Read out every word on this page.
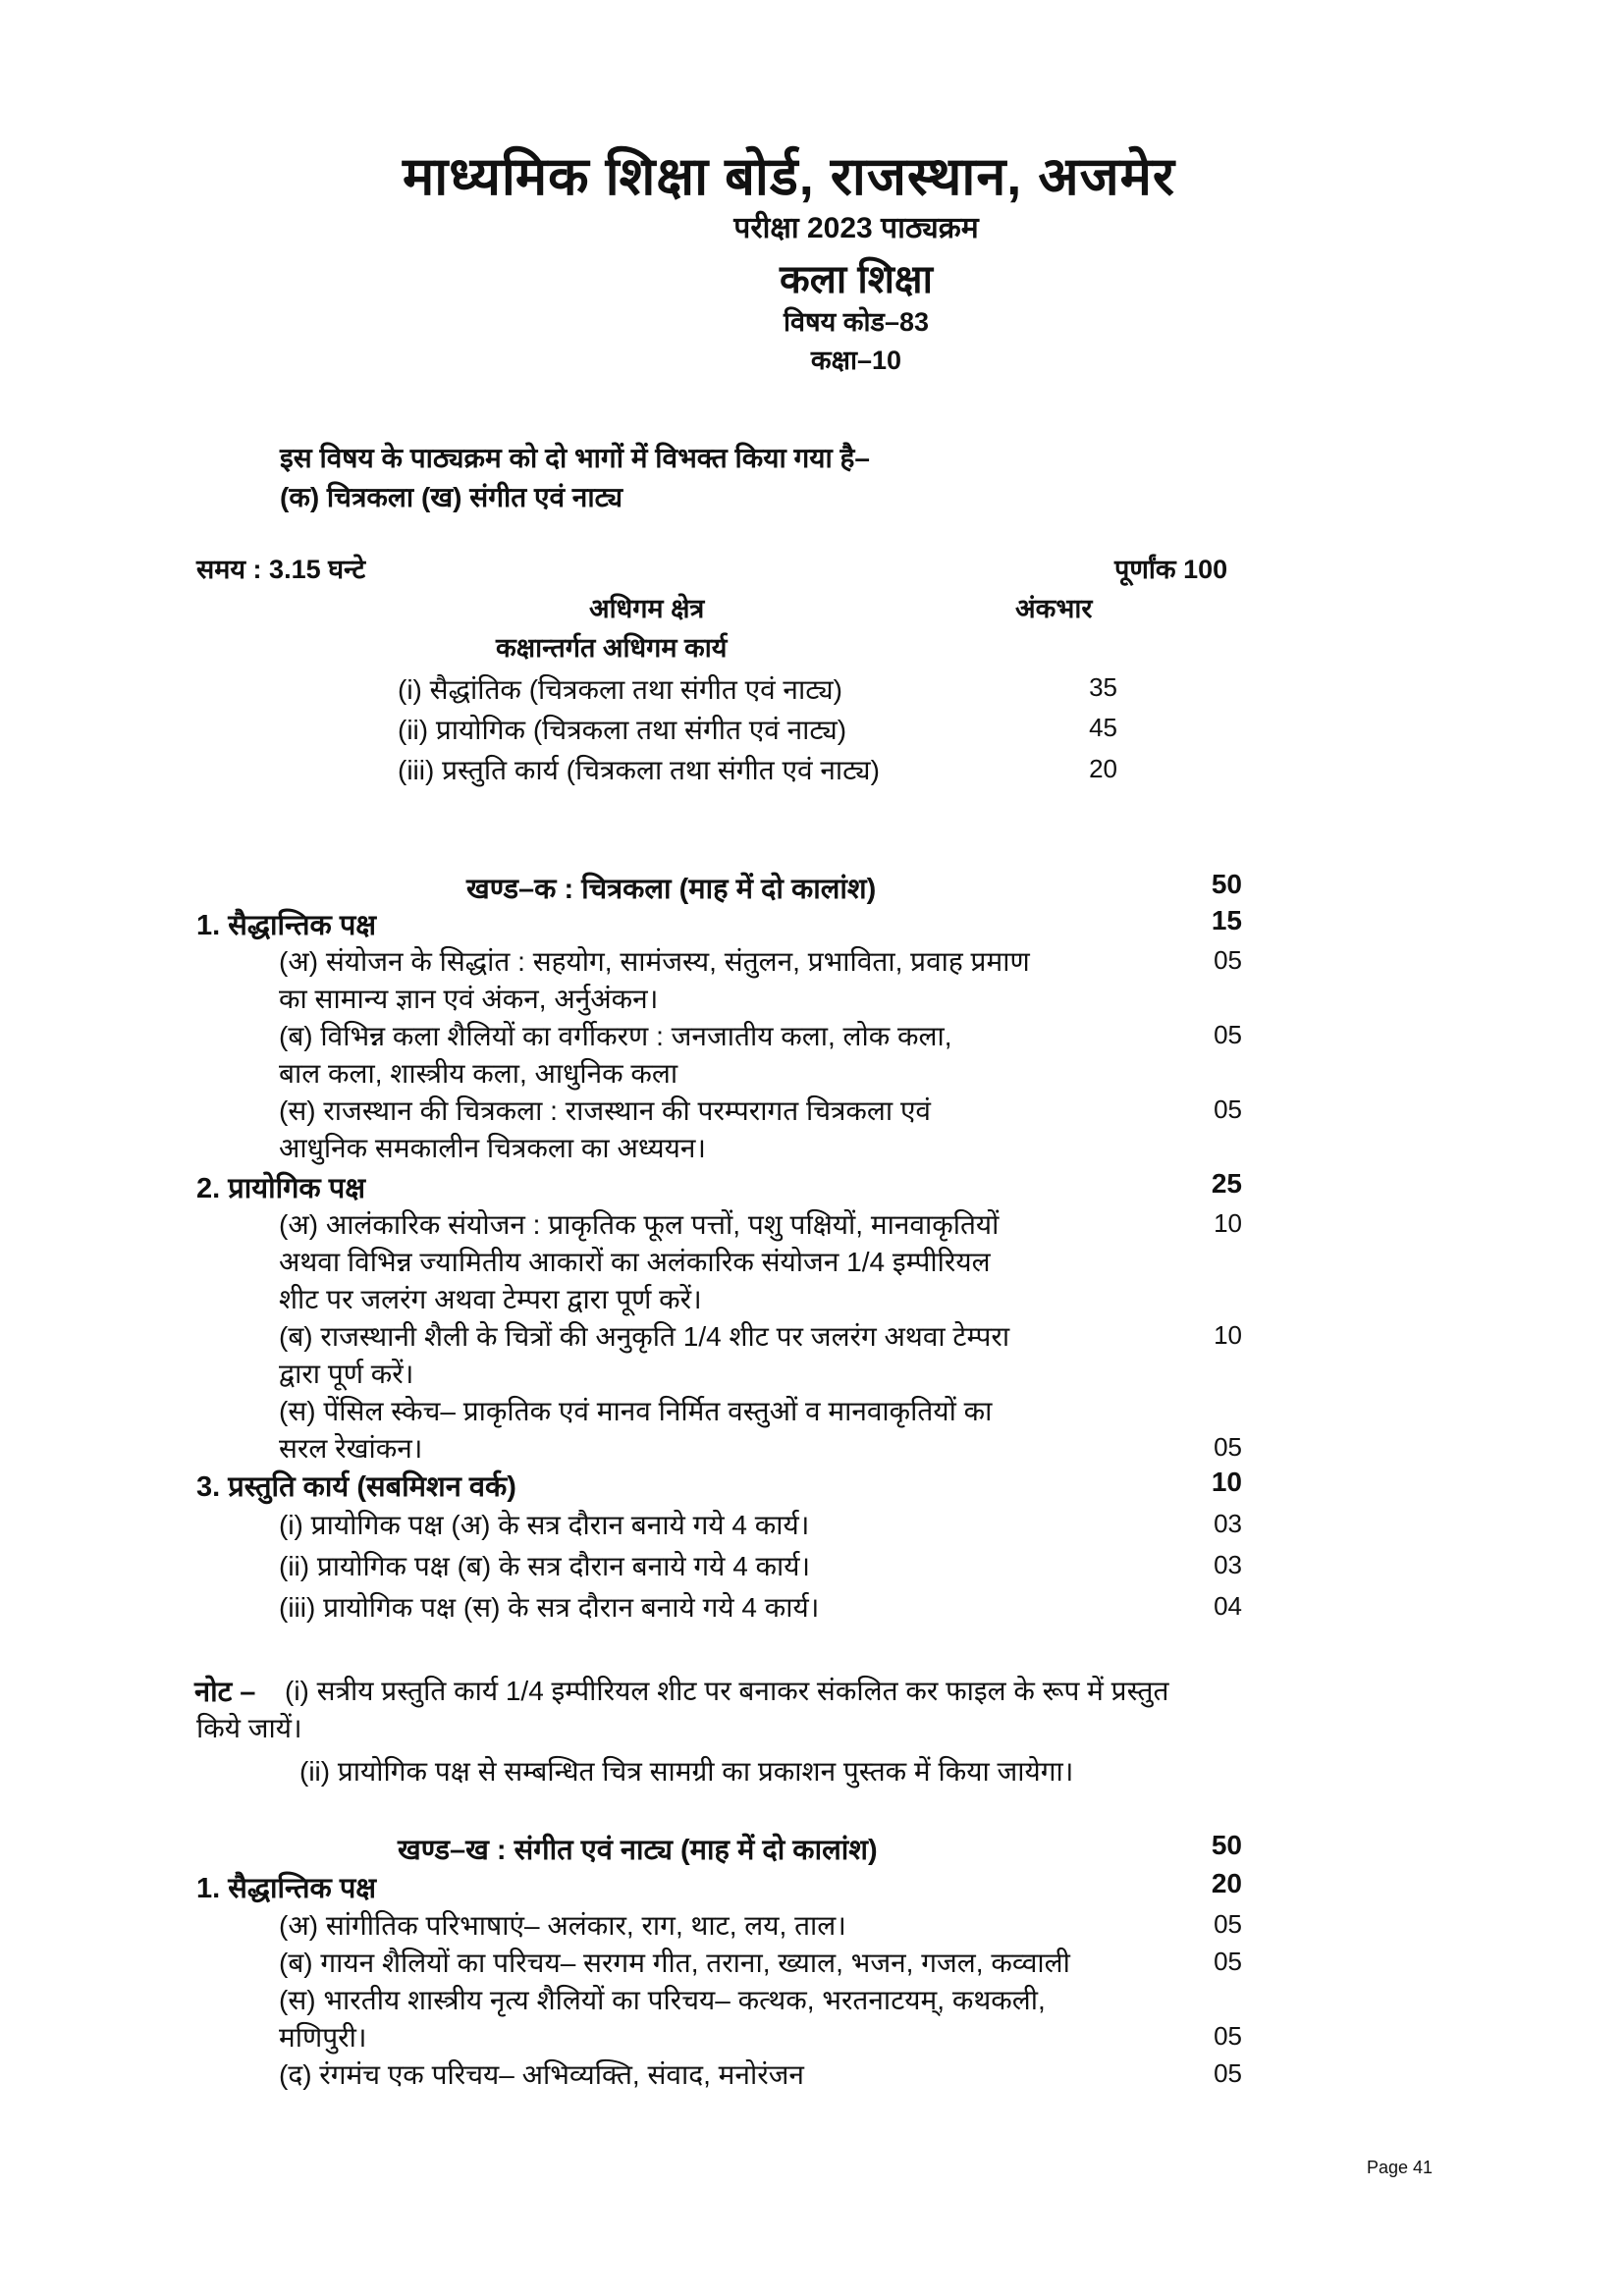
माध्यमिक शिक्षा बोर्ड, राजस्थान, अजमेर
परीक्षा 2023 पाठ्यक्रम
कला शिक्षा
विषय कोड–83
कक्षा–10
इस विषय के पाठ्यक्रम को दो भागों में विभक्त किया गया है–
(क) चित्रकला (ख) संगीत एवं नाट्य
समय : 3.15 घन्टे	पूर्णांक 100
अधिगम क्षेत्र	अंकभार
कक्षान्तर्गत अधिगम कार्य
(i) सैद्धांतिक (चित्रकला तथा संगीत एवं नाट्य)	35
(ii) प्रायोगिक (चित्रकला तथा संगीत एवं नाट्य)	45
(iii) प्रस्तुति कार्य (चित्रकला तथा संगीत एवं नाट्य)	20
खण्ड–क : चित्रकला (माह में दो कालांश)	50
1. सैद्धान्तिक पक्ष	15
(अ) संयोजन के सिद्धांत : सहयोग, सामंजस्य, संतुलन, प्रभाविता, प्रवाह प्रमाण	05
का सामान्य ज्ञान एवं अंकन, अर्नुअंकन।
(ब) विभिन्न कला शैलियों का वर्गीकरण : जनजातीय कला, लोक कला,	05
बाल कला, शास्त्रीय कला, आधुनिक कला
(स) राजस्थान की चित्रकला : राजस्थान की परम्परागत चित्रकला एवं	05
आधुनिक समकालीन चित्रकला का अध्ययन।
2. प्रायोगिक पक्ष	25
(अ) आलंकारिक संयोजन : प्राकृतिक फूल पत्तों, पशु पक्षियों, मानवाकृतियों	10
अथवा विभिन्न ज्यामितीय आकारों का अलंकारिक संयोजन 1/4 इम्पीरियल
शीट पर जलरंग अथवा टेम्परा द्वारा पूर्ण करें।
(ब) राजस्थानी शैली के चित्रों की अनुकृति 1/4 शीट पर जलरंग अथवा टेम्परा	10
द्वारा पूर्ण करें।
(स) पेंसिल स्केच– प्राकृतिक एवं मानव निर्मित वस्तुओं व मानवाकृतियों का
सरल रेखांकन।	05
3. प्रस्तुति कार्य (सबमिशन वर्क)	10
(i) प्रायोगिक पक्ष (अ) के सत्र दौरान बनाये गये 4 कार्य।	03
(ii) प्रायोगिक पक्ष (ब) के सत्र दौरान बनाये गये 4 कार्य।	03
(iii) प्रायोगिक पक्ष (स) के सत्र दौरान बनाये गये 4 कार्य।	04
नोट – (i) सत्रीय प्रस्तुति कार्य 1/4 इम्पीरियल शीट पर बनाकर संकलित कर फाइल के रूप में प्रस्तुत
किये जायें।
(ii) प्रायोगिक पक्ष से सम्बन्धित चित्र सामग्री का प्रकाशन पुस्तक में किया जायेगा।
खण्ड–ख : संगीत एवं नाट्य (माह में दो कालांश)	50
1. सैद्धान्तिक पक्ष	20
(अ) सांगीतिक परिभाषाएं– अलंकार, राग, थाट, लय, ताल।	05
(ब) गायन शैलियों का परिचय– सरगम गीत, तराना, ख्याल, भजन, गजल, कव्वाली	05
(स) भारतीय शास्त्रीय नृत्य शैलियों का परिचय– कत्थक, भरतनाटयम्, कथकली,
मणिपुरी।	05
(द) रंगमंच एक परिचय– अभिव्यक्ति, संवाद, मनोरंजन	05
Page 41
